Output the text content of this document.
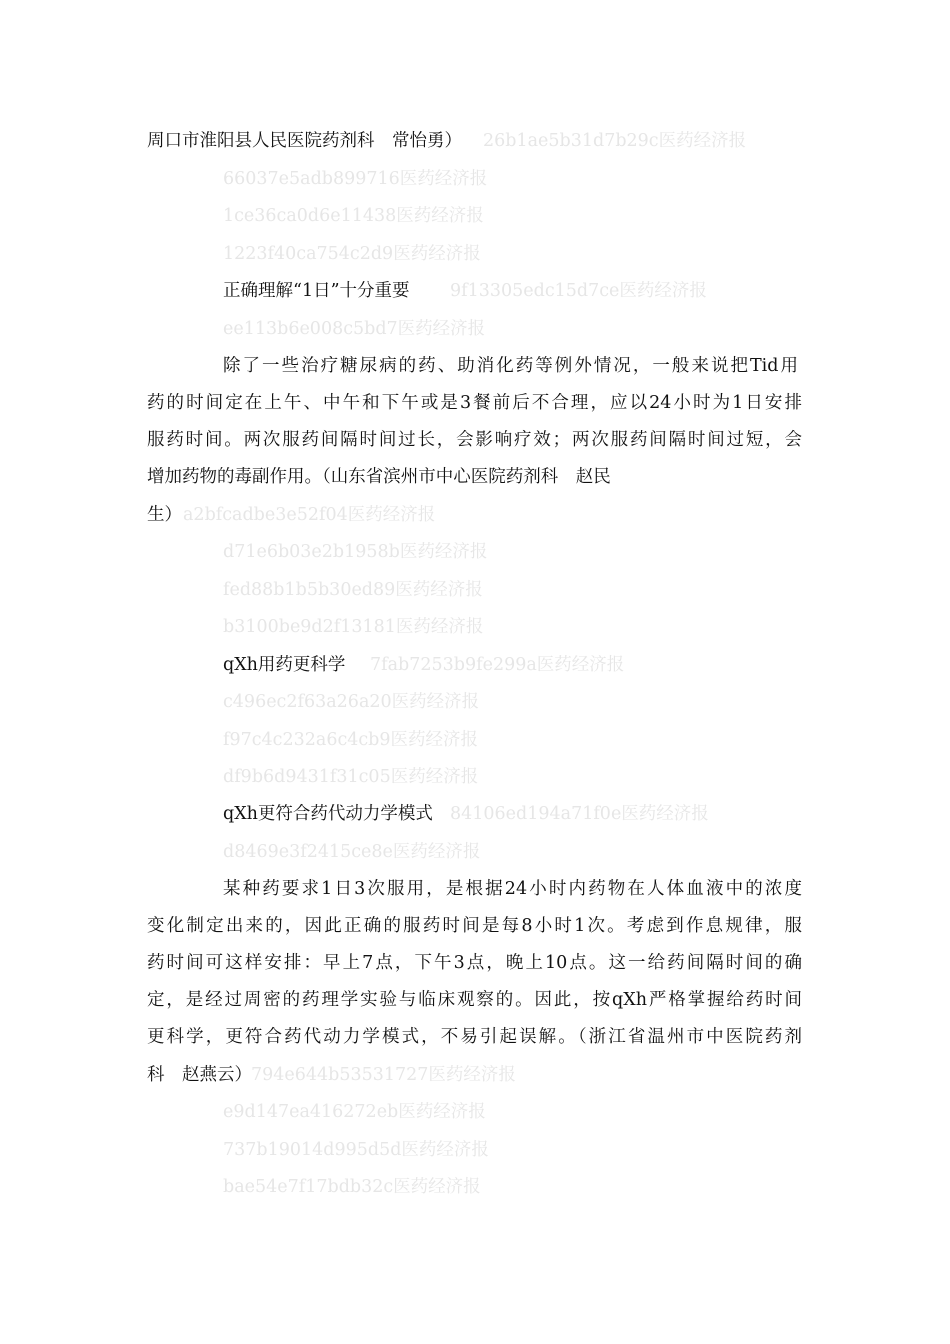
周口市淮阳县人民医院药剂科　常怡勇） 26b1ae5b31d7b29c医药经济报
66037e5adb899716医药经济报
1ce36ca0d6e11438医药经济报
1223f40ca754c2d9医药经济报
正确理解“1日”十分重要 9f13305edc15d7ce医药经济报
ee113b6e008c5bd7医药经济报
除了一些治疗糖尿病的药、助消化药等例外情况，一般来说把Tid用
药的时间定在上午、中午和下午或是3餐前后不合理，应以24小时为1日安排
服药时间。两次服药间隔时间过长，会影响疗效；两次服药间隔时间过短，会
增加药物的毒副作用。（山东省滨州市中心医院药剂科　赵民
生） a2bfcadbe3e52f04医药经济报
d71e6b03e2b1958b医药经济报
fed88b1b5b30ed89医药经济报
b3100be9d2f13181医药经济报
qXh用药更科学 7fab7253b9fe299a医药经济报
c496ec2f63a26a20医药经济报
f97c4c232a6c4cb9医药经济报
df9b6d9431f31c05医药经济报
qXh更符合药代动力学模式 84106ed194a71f0e医药经济报
d8469e3f2415ce8e医药经济报
某种药要求1日3次服用，是根据24小时内药物在人体血液中的浓度
变化制定出来的，因此正确的服药时间是每8小时1次。考虑到作息规律，服
药时间可这样安排：早上7点，下午3点，晚上10点。这一给药间隔时间的确
定，是经过周密的药理学实验与临床观察的。因此，按qXh严格掌握给药时间
更科学，更符合药代动力学模式，不易引起误解。（浙江省温州市中医院药剂
科　赵燕云） 794e644b53531727医药经济报
e9d147ea416272eb医药经济报
737b19014d995d5d医药经济报
bae54e7f17bdb32c医药经济报
